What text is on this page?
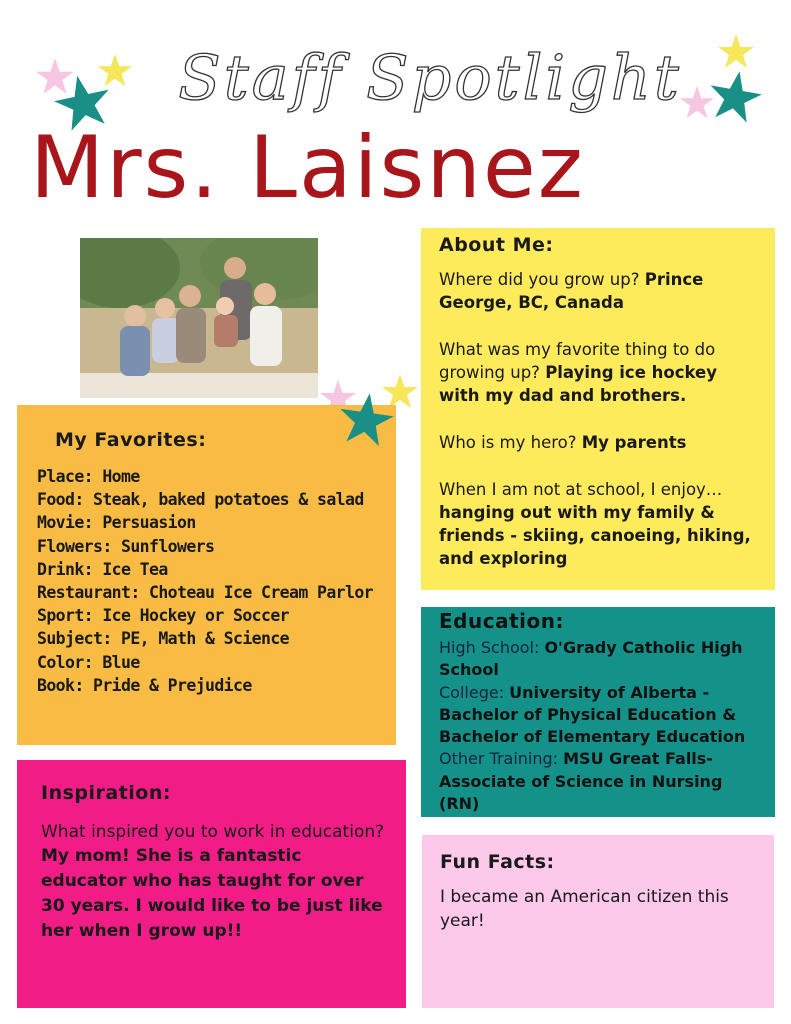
Staff Spotlight
Mrs. Laisnez
About Me:

Where did you grow up? Prince George, BC, Canada

What was my favorite thing to do growing up? Playing ice hockey with my dad and brothers.

Who is my hero? My parents

When I am not at school, I enjoy… hanging out with my family & friends - skiing, canoeing, hiking, and exploring

My Favorites:
Place: Home
Food: Steak, baked potatoes & salad
Movie: Persuasion
Flowers: Sunflowers
Drink: Ice Tea
Restaurant: Choteau Ice Cream Parlor
Sport: Ice Hockey or Soccer
Subject: PE, Math & Science
Color: Blue
Book: Pride & Prejudice
Education:
High School: O'Grady Catholic High School
College: University of Alberta - Bachelor of Physical Education & Bachelor of Elementary Education
Other Training: MSU Great Falls- Associate of Science in Nursing (RN)
Inspiration:
What inspired you to work in education?
My mom! She is a fantastic educator who has taught for over 30 years. I would like to be just like her when I grow up!!
Fun Facts:

I became an American citizen this year!
